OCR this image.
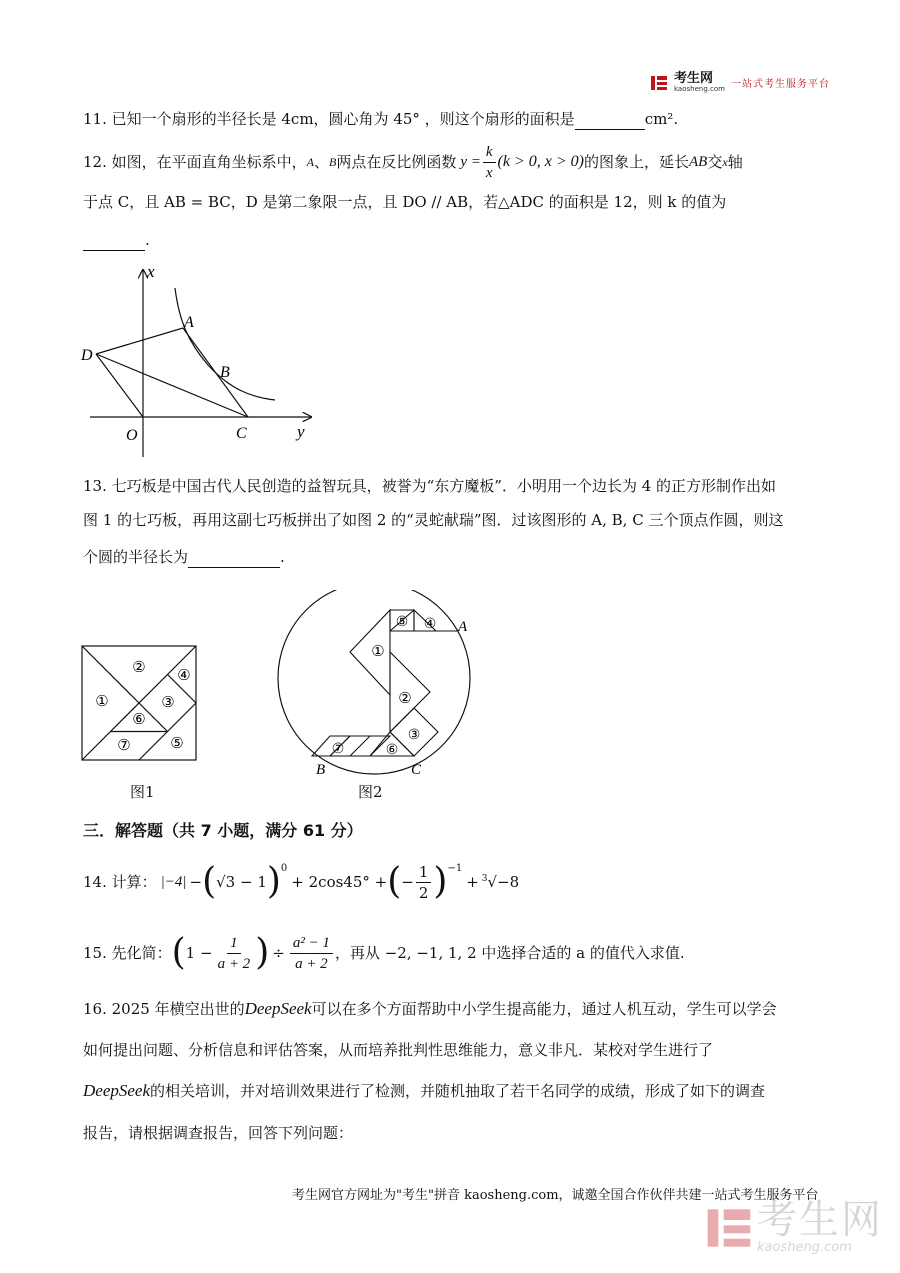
考生网
kaosheng.com 一站式考生服务平台
11. 已知一个扇形的半径长是 4cm，圆心角为 45° ，则这个扇形的面积是	cm².
12. 如图，在平面直角坐标系中， A 、 B 两点在反比例函数 $y = \frac{k}{x} (k > 0$, x > 0) 的图象上，延长 AB 交 x 轴
于点 C，且 AB = BC，D 是第二象限一点，且 DO // AB，若△ADC 的面积是 12，则 k 的值为
.
x
y
A
B
C
D
O
13. 七巧板是中国古代人民创造的益智玩具，被誉为“东方魔板”．小明用一个边长为 4 的正方形制作出如
图 1 的七巧板，再用这副七巧板拼出了如图 2 的“灵蛇献瑞”图．过该图形的 A, B, C 三个顶点作圆，则这
个圆的半径长为	.
②
①
④
③
⑥
⑦	⑤
图1
⑤ ④
①
②
③
⑥
⑦
A
B	C
图2
三．解答题（共 7 小题，满分 61 分）
14. 计算： |−4| − ( √3 − 1 ) 0
+ 2cos45° + ( − $\frac{1}{2}$ ) −1
+ 3 √−8
15. 先化简： ( $1 - \frac{1}{a + 2}$ ) ÷ $\frac{\text{a² − 1}}{a + 2}$ ，再从 −2, −1, 1, 2 中选择合适的 a 的值代入求值.
16. 2025 年横空出世的DeepSeek可以在多个方面帮助中小学生提高能力，通过人机互动，学生可以学会
如何提出问题、分析信息和评估答案，从而培养批判性思维能力，意义非凡．某校对学生进行了
DeepSeek的相关培训，并对培训效果进行了检测，并随机抽取了若干名同学的成绩，形成了如下的调查
报告，请根据调查报告，回答下列问题：
考生网官方网址为"考生"拼音 kaosheng.com，诚邀全国合作伙伴共建一站式考生服务平台
考生网
kaosheng.com
